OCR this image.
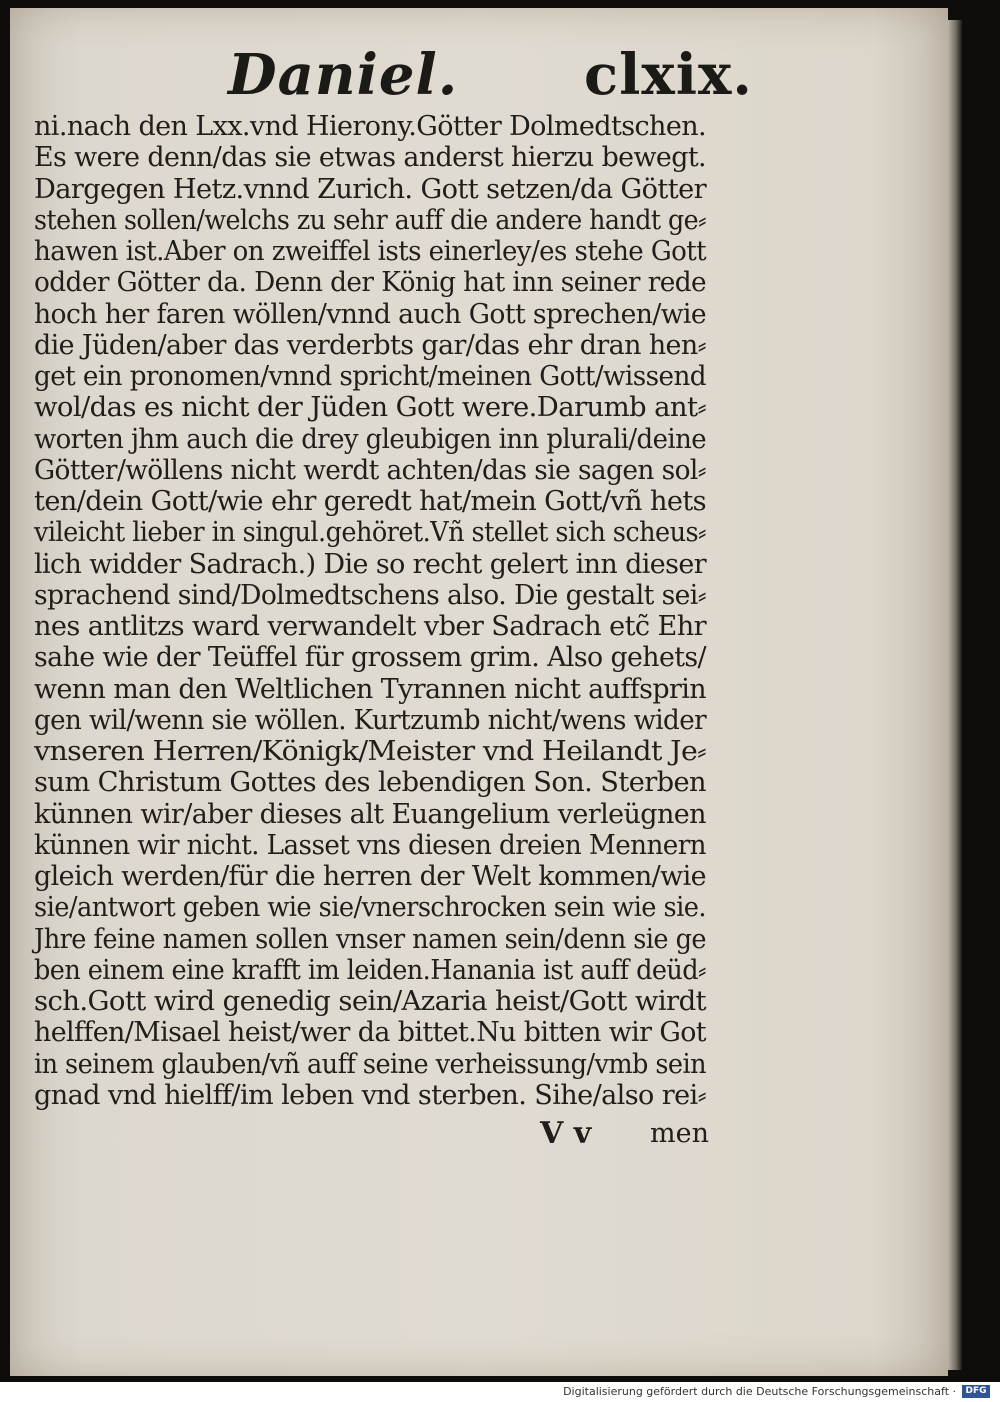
Daniel. clxix.
ni.nach den Lxx.vnd Hierony.Götter Dolmedtschen.
Es were denn/das sie etwas anderst hierzu bewegt.
Dargegen Hetz.vnnd Zurich. Gott setzen/da Götter
stehen sollen/welchs zu sehr auff die andere handt ge⸗
hawen ist.Aber on zweiffel ists einerley/es stehe Gott
odder Götter da. Denn der König hat inn seiner rede
hoch her faren wöllen/vnnd auch Gott sprechen/wie
die Jüden/aber das verderbts gar/das ehr dran hen⸗
get ein pronomen/vnnd spricht/meinen Gott/wissend
wol/das es nicht der Jüden Gott were.Darumb ant⸗
worten jhm auch die drey gleubigen inn plurali/deine
Götter/wöllens nicht werdt achten/das sie sagen sol⸗
ten/dein Gott/wie ehr geredt hat/mein Gott/vñ hets
vileicht lieber in singul.gehöret.Vñ stellet sich scheus⸗
lich widder Sadrach.) Die so recht gelert inn dieser
sprachend sind/Dolmedtschens also. Die gestalt sei⸗
nes antlitzs ward verwandelt vber Sadrach etc̃ Ehr
sahe wie der Teüffel für grossem grim. Also gehets/
wenn man den Weltlichen Tyrannen nicht auffsprin
gen wil/wenn sie wöllen. Kurtzumb nicht/wens wider
vnseren Herren/Königk/Meister vnd Heilandt Je⸗
sum Christum Gottes des lebendigen Son. Sterben
künnen wir/aber dieses alt Euangelium verleügnen
künnen wir nicht. Lasset vns diesen dreien Mennern
gleich werden/für die herren der Welt kommen/wie
sie/antwort geben wie sie/vnerschrocken sein wie sie.
Jhre feine namen sollen vnser namen sein/denn sie ge
ben einem eine krafft im leiden.Hanania ist auff deüd⸗
sch.Gott wird genedig sein/Azaria heist/Gott wirdt
helffen/Misael heist/wer da bittet.Nu bitten wir Got
in seinem glauben/vñ auff seine verheissung/vmb sein
gnad vnd hielff/im leben vnd sterben. Sihe/also rei⸗
V v men
Digitalisierung gefördert durch die Deutsche Forschungsgemeinschaft ·	DFG
